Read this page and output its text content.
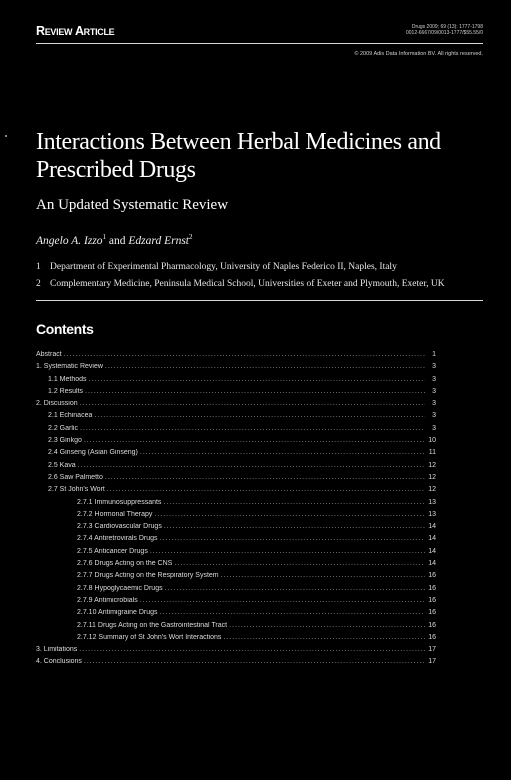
Review Article	Drugs 2009; 69 (13): 1777-1798
0012-6667/09/0013-1777/$55.55/0
© 2009 Adis Data Information BV. All rights reserved.
Interactions Between Herbal Medicines and Prescribed Drugs
An Updated Systematic Review
Angelo A. Izzo$^1$ and Edzard Ernst$^2$
1 Department of Experimental Pharmacology, University of Naples Federico II, Naples, Italy
2 Complementary Medicine, Peninsula Medical School, Universities of Exeter and Plymouth, Exeter, UK
Contents
Abstract .....	1
1. Systematic Review .....	3
1.1 Methods .....	3
1.2 Results .....	3
2. Discussion .....	3
2.1 Echinacea .....	3
2.2 Garlic .....	3
2.3 Ginkgo .....	10
2.4 Ginseng (Asian Ginseng) .....	11
2.5 Kava .....	12
2.6 Saw Palmetto .....	12
2.7 St John's Wort .....	12
2.7.1 Immunosuppressants .....	13
2.7.2 Hormonal Therapy .....	13
2.7.3 Cardiovascular Drugs .....	14
2.7.4 Antiretrovirals Drugs .....	14
2.7.5 Anticancer Drugs .....	14
2.7.6 Drugs Acting on the CNS .....	14
2.7.7 Drugs Acting on the Respiratory System .....	16
2.7.8 Hypoglycaemic Drugs .....	16
2.7.9 Antimicrobials .....	16
2.7.10 Antimigraine Drugs .....	16
2.7.11 Drugs Acting on the Gastrointestinal Tract .....	16
2.7.12 Summary of St John's Wort Interactions .....	16
3. Limitations .....	17
4. Conclusions .....	17
